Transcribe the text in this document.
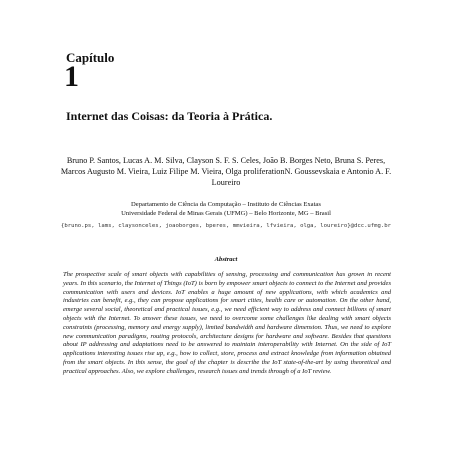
Capítulo
1
Internet das Coisas: da Teoria à Prática.
Bruno P. Santos, Lucas A. M. Silva, Clayson S. F. S. Celes, João B. Borges Neto, Bruna S. Peres, Marcos Augusto M. Vieira, Luiz Filipe M. Vieira, Olga proliferationN. Goussevskaia e Antonio A. F. Loureiro
Departamento de Ciência da Computação – Instituto de Ciências Exatas
Universidade Federal de Minas Gerais (UFMG) – Belo Horizonte, MG – Brasil
{bruno.ps, lams, claysonceles, joaoborges, bperes, mmvieira, lfvieira, olga, loureiro}@dcc.ufmg.br
Abstract
The prospective scale of smart objects with capabilities of sensing, processing and communication has grown in recent years. In this scenario, the Internet of Things (IoT) is born by empower smart objects to connect to the Internet and provides communication with users and devices. IoT enables a huge amount of new applications, with which academics and industries can benefit, e.g., they can propose applications for smart cities, health care or automation. On the other hand, emerge several social, theoretical and practical issues, e.g., we need efficient way to address and connect billions of smart objects with the Internet. To answer these issues, we need to overcome some challenges like dealing with smart objects constraints (processing, memory and energy supply), limited bandwidth and hardware dimension. Thus, we need to explore new communication paradigms, routing protocols, architecture designs for hardware and software. Besides that questions about IP addressing and adaptations need to be answered to maintain interoperability with Internet. On the side of IoT applications interesting issues rise up, e.g., how to collect, store, process and extract knowledge from information obtained from the smart objects. In this sense, the goal of the chapter is describe the IoT state-of-the-art by using theoretical and practical approaches. Also, we explore challenges, research issues and trends through of a IoT review.
